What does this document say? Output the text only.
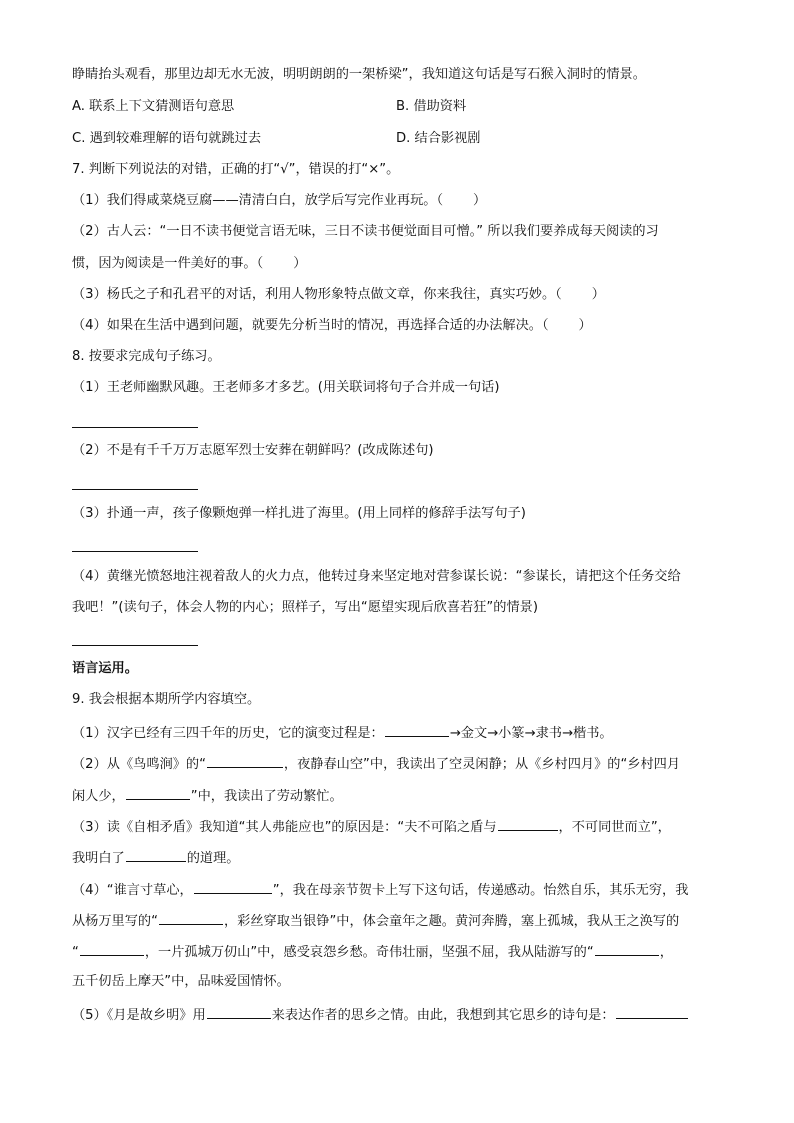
睁睛抬头观看，那里边却无水无波，明明朗朗的一架桥梁”，我知道这句话是写石猴入洞时的情景。
A. 联系上下文猜测语句意思	B. 借助资料
C. 遇到较难理解的语句就跳过去	D. 结合影视剧
7. 判断下列说法的对错，正确的打“√”，错误的打“×”。
（1）我们得咸菜烧豆腐——清清白白，放学后写完作业再玩。（ ）
（2）古人云：“一日不读书便觉言语无味，三日不读书便觉面目可憎。” 所以我们要养成每天阅读的习
惯，因为阅读是一件美好的事。（ ）
（3）杨氏之子和孔君平的对话，利用人物形象特点做文章，你来我往，真实巧妙。（ ）
（4）如果在生活中遇到问题，就要先分析当时的情况，再选择合适的办法解决。（ ）
8. 按要求完成句子练习。
（1）王老师幽默风趣。王老师多才多艺。(用关联词将句子合并成一句话)
（2）不是有千千万万志愿军烈士安葬在朝鲜吗？(改成陈述句)
（3）扑通一声，孩子像颗炮弹一样扎进了海里。(用上同样的修辞手法写句子)
（4）黄继光愤怒地注视着敌人的火力点，他转过身来坚定地对营参谋长说：“参谋长，请把这个任务交给
我吧！”(读句子，体会人物的内心；照样子，写出“愿望实现后欣喜若狂”的情景)
语言运用。
9. 我会根据本期所学内容填空。
（1）汉字已经有三四千年的历史，它的演变过程是：	→金文→小篆→隶书→楷书。
（2）从《鸟鸣涧》的“	，夜静春山空”中，我读出了空灵闲静；从《乡村四月》的“乡村四月
闲人少，	”中，我读出了劳动繁忙。
（3）读《自相矛盾》我知道“其人弗能应也”的原因是：“夫不可陷之盾与	，不可同世而立”，
我明白了	的道理。
（4）“谁言寸草心，	”，我在母亲节贺卡上写下这句话，传递感动。怡然自乐，其乐无穷，我
从杨万里写的“	，彩丝穿取当银铮”中，体会童年之趣。黄河奔腾，塞上孤城，我从王之涣写的
“	，一片孤城万仞山”中，感受哀怨乡愁。奇伟壮丽，坚强不屈，我从陆游写的“	，
五千仞岳上摩天”中，品味爱国情怀。
（5）《月是故乡明》用	来表达作者的思乡之情。由此，我想到其它思乡的诗句是：
